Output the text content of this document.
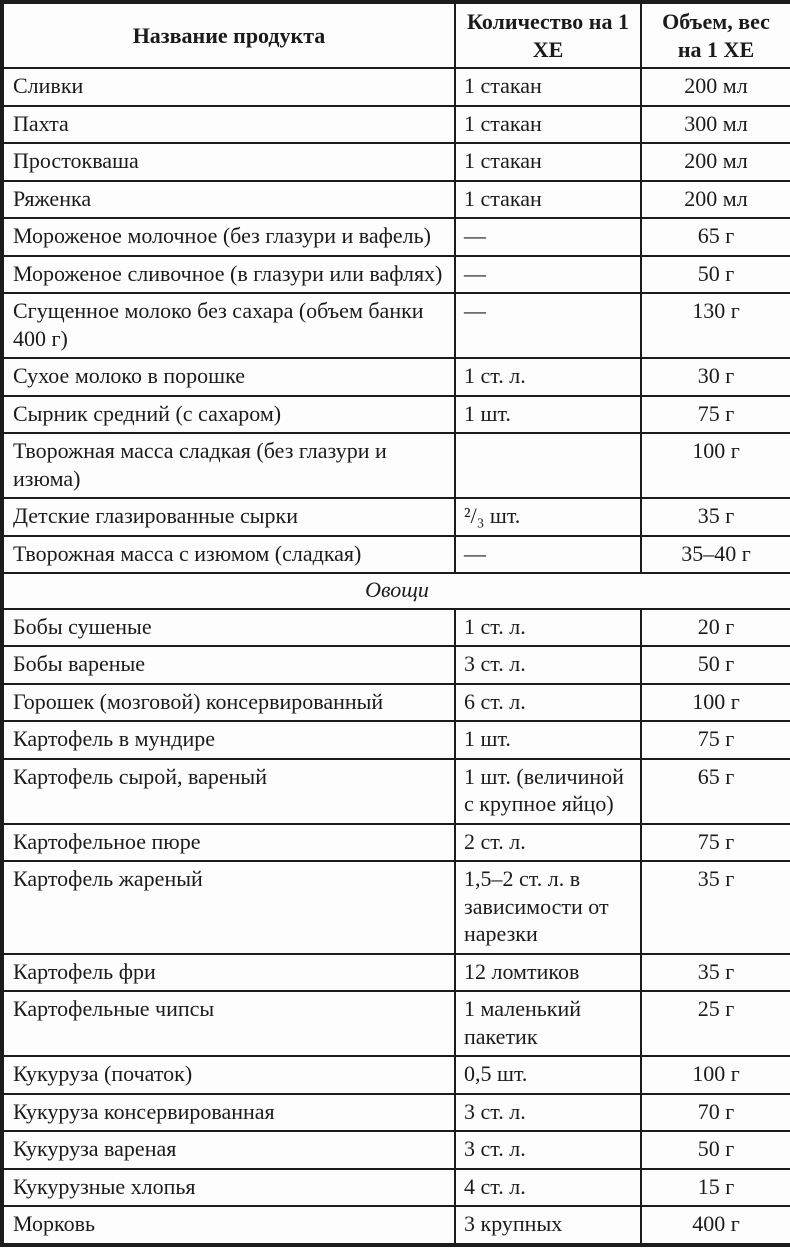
Название продукта	Количество на 1 ХЕ	Объем, вес на 1 ХЕ
Сливки	1 стакан	200 мл
Пахта	1 стакан	300 мл
Простокваша	1 стакан	200 мл
Ряженка	1 стакан	200 мл
Мороженое молочное (без глазури и вафель)	—	65 г
Мороженое сливочное (в глазури или вафлях)	—	50 г
Сгущенное молоко без сахара (объем банки 400 г)	—	130 г
Сухое молоко в порошке	1 ст. л.	30 г
Сырник средний (с сахаром)	1 шт.	75 г
Творожная масса сладкая (без глазури и изюма)		100 г
Детские глазированные сырки	²/₃ шт.	35 г
Творожная масса с изюмом (сладкая)	—	35–40 г
Овощи		
Бобы сушеные	1 ст. л.	20 г
Бобы вареные	3 ст. л.	50 г
Горошек (мозговой) консервированный	6 ст. л.	100 г
Картофель в мундире	1 шт.	75 г
Картофель сырой, вареный	1 шт. (величиной с крупное яйцо)	65 г
Картофельное пюре	2 ст. л.	75 г
Картофель жареный	1,5–2 ст. л. в зависимости от нарезки	35 г
Картофель фри	12 ломтиков	35 г
Картофельные чипсы	1 маленький пакетик	25 г
Кукуруза (початок)	0,5 шт.	100 г
Кукуруза консервированная	3 ст. л.	70 г
Кукуруза вареная	3 ст. л.	50 г
Кукурузные хлопья	4 ст. л.	15 г
Морковь	3 крупных	400 г
